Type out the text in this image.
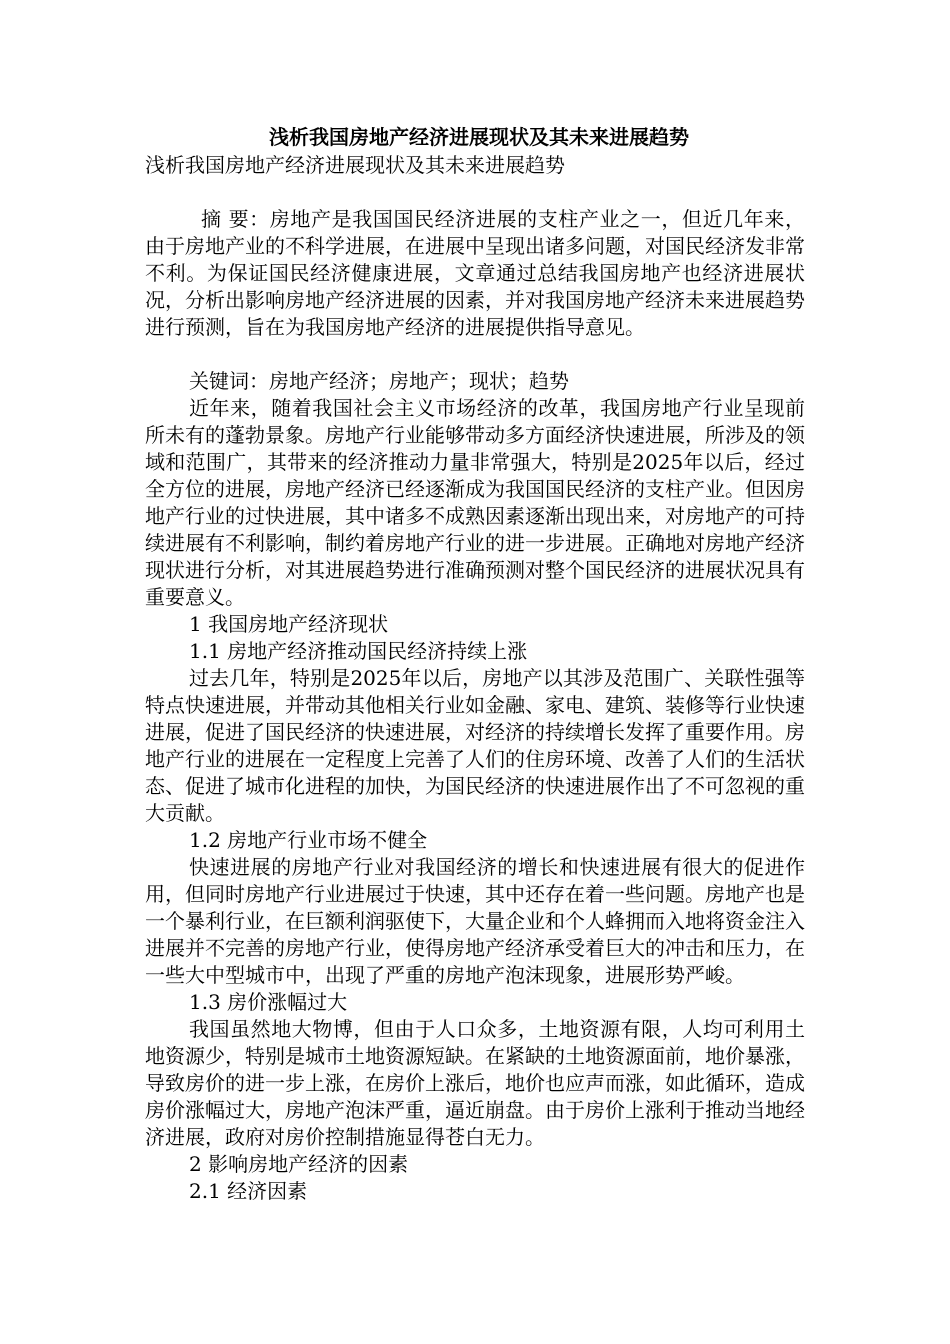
浅析我国房地产经济进展现状及其未来进展趋势

浅析我国房地产经济进展现状及其未来进展趋势

摘 要：房地产是我国国民经济进展的支柱产业之一，但近几年来，由于房地产业的不科学进展，在进展中呈现出诸多问题，对国民经济发非常不利。为保证国民经济健康进展，文章通过总结我国房地产也经济进展状况，分析出影响房地产经济进展的因素，并对我国房地产经济未来进展趋势进行预测，旨在为我国房地产经济的进展提供指导意见。

关键词：房地产经济；房地产；现状；趋势

近年来，随着我国社会主义市场经济的改革，我国房地产行业呈现前所未有的蓬勃景象。房地产行业能够带动多方面经济快速进展，所涉及的领域和范围广，其带来的经济推动力量非常强大，特别是2025年以后，经过全方位的进展，房地产经济已经逐渐成为我国国民经济的支柱产业。但因房地产行业的过快进展，其中诸多不成熟因素逐渐出现出来，对房地产的可持续进展有不利影响，制约着房地产行业的进一步进展。正确地对房地产经济现状进行分析，对其进展趋势进行准确预测对整个国民经济的进展状况具有重要意义。

1 我国房地产经济现状

1.1 房地产经济推动国民经济持续上涨

过去几年，特别是2025年以后，房地产以其涉及范围广、关联性强等特点快速进展，并带动其他相关行业如金融、家电、建筑、装修等行业快速进展，促进了国民经济的快速进展，对经济的持续增长发挥了重要作用。房地产行业的进展在一定程度上完善了人们的住房环境、改善了人们的生活状态、促进了城市化进程的加快，为国民经济的快速进展作出了不可忽视的重大贡献。

1.2 房地产行业市场不健全

快速进展的房地产行业对我国经济的增长和快速进展有很大的促进作用，但同时房地产行业进展过于快速，其中还存在着一些问题。房地产也是一个暴利行业，在巨额利润驱使下，大量企业和个人蜂拥而入地将资金注入进展并不完善的房地产行业，使得房地产经济承受着巨大的冲击和压力，在一些大中型城市中，出现了严重的房地产泡沫现象，进展形势严峻。

1.3 房价涨幅过大

我国虽然地大物博，但由于人口众多，土地资源有限，人均可利用土地资源少，特别是城市土地资源短缺。在紧缺的土地资源面前，地价暴涨，导致房价的进一步上涨，在房价上涨后，地价也应声而涨，如此循环，造成房价涨幅过大，房地产泡沫严重，逼近崩盘。由于房价上涨利于推动当地经济进展，政府对房价控制措施显得苍白无力。

2 影响房地产经济的因素

2.1 经济因素
